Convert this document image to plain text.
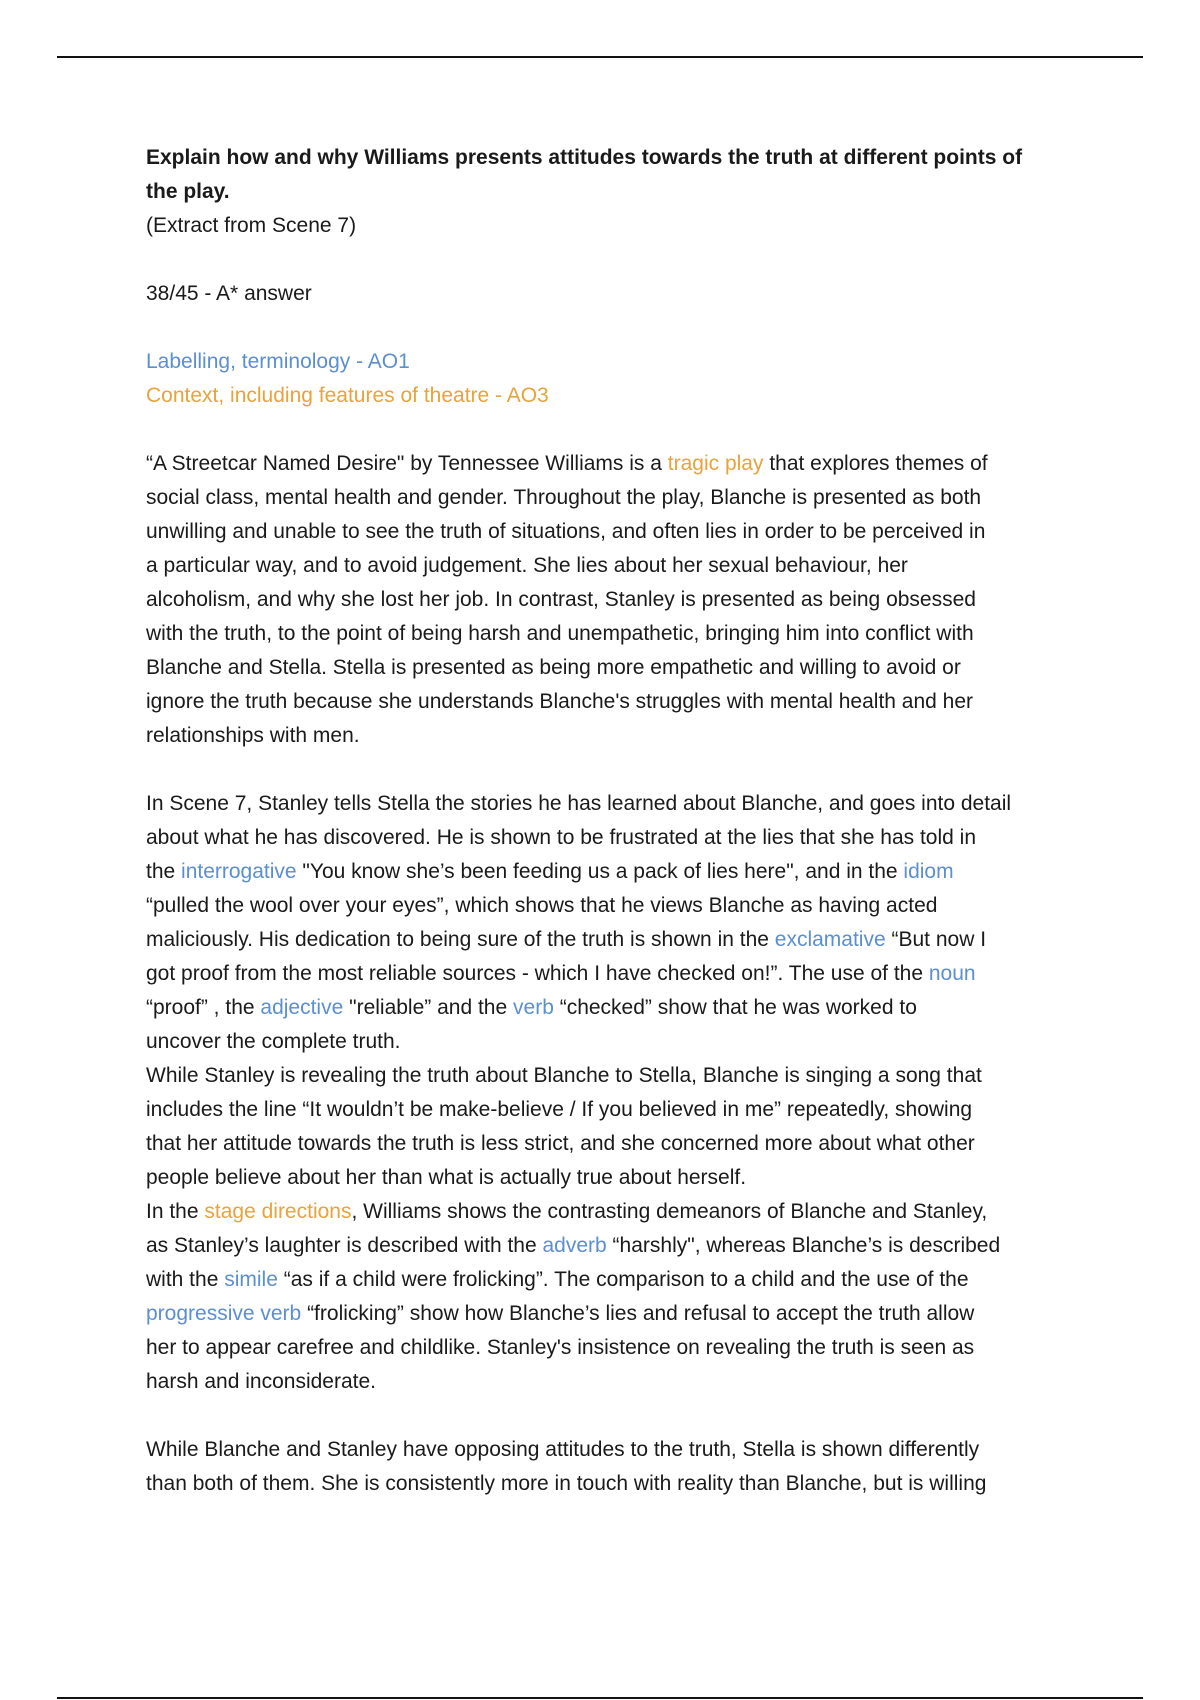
Explain how and why Williams presents attitudes towards the truth at different points of
the play.
(Extract from Scene 7)
38/45 - A* answer
Labelling, terminology - AO1
Context, including features of theatre - AO3
“A Streetcar Named Desire" by Tennessee Williams is a tragic play that explores themes of
social class, mental health and gender. Throughout the play, Blanche is presented as both
unwilling and unable to see the truth of situations, and often lies in order to be perceived in
a particular way, and to avoid judgement. She lies about her sexual behaviour, her
alcoholism, and why she lost her job. In contrast, Stanley is presented as being obsessed
with the truth, to the point of being harsh and unempathetic, bringing him into conflict with
Blanche and Stella. Stella is presented as being more empathetic and willing to avoid or
ignore the truth because she understands Blanche's struggles with mental health and her
relationships with men.
In Scene 7, Stanley tells Stella the stories he has learned about Blanche, and goes into detail
about what he has discovered. He is shown to be frustrated at the lies that she has told in
the interrogative "You know she’s been feeding us a pack of lies here", and in the idiom
“pulled the wool over your eyes”, which shows that he views Blanche as having acted
maliciously. His dedication to being sure of the truth is shown in the exclamative “But now I
got proof from the most reliable sources - which I have checked on!”. The use of the noun
“proof” , the adjective "reliable” and the verb “checked” show that he was worked to
uncover the complete truth.
While Stanley is revealing the truth about Blanche to Stella, Blanche is singing a song that
includes the line “It wouldn’t be make-believe / If you believed in me” repeatedly, showing
that her attitude towards the truth is less strict, and she concerned more about what other
people believe about her than what is actually true about herself.
In the stage directions, Williams shows the contrasting demeanors of Blanche and Stanley,
as Stanley’s laughter is described with the adverb “harshly", whereas Blanche’s is described
with the simile “as if a child were frolicking”. The comparison to a child and the use of the
progressive verb “frolicking” show how Blanche’s lies and refusal to accept the truth allow
her to appear carefree and childlike. Stanley's insistence on revealing the truth is seen as
harsh and inconsiderate.
While Blanche and Stanley have opposing attitudes to the truth, Stella is shown differently
than both of them. She is consistently more in touch with reality than Blanche, but is willing
